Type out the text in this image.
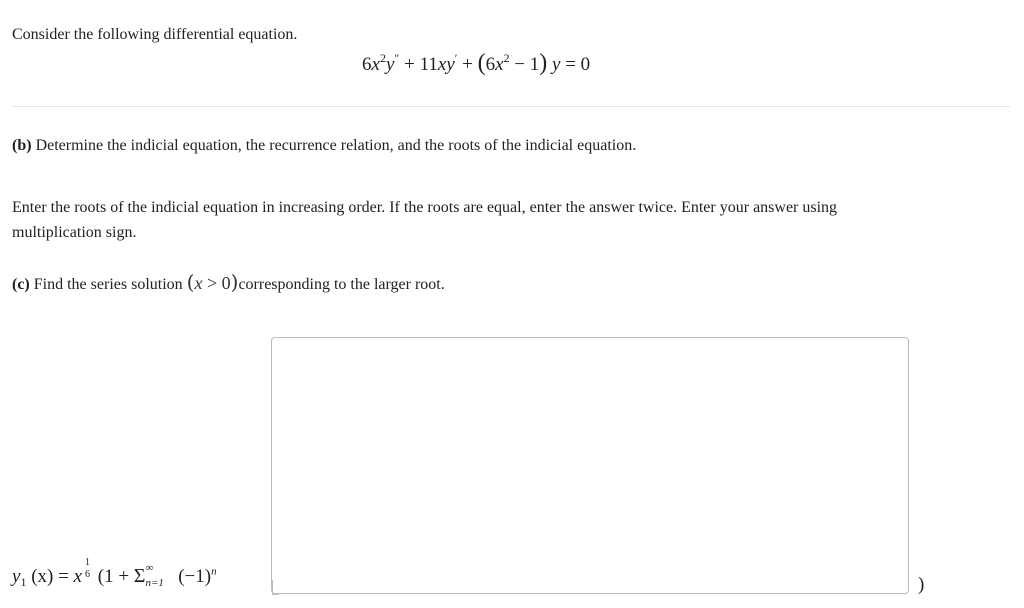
Consider the following differential equation.
$6x^2y'' + 11xy' + (6x^2 - 1) y = 0$
(b) Determine the indicial equation, the recurrence relation, and the roots of the indicial equation.
Enter the roots of the indicial equation in increasing order. If the roots are equal, enter the answer twice. Enter your answer using
multiplication sign.
(c) Find the series solution (x > 0)corresponding to the larger root.
$y_1$ (x) = x
1
6 (1 + Σ ∞
n=1 $(-1)^n$
)
